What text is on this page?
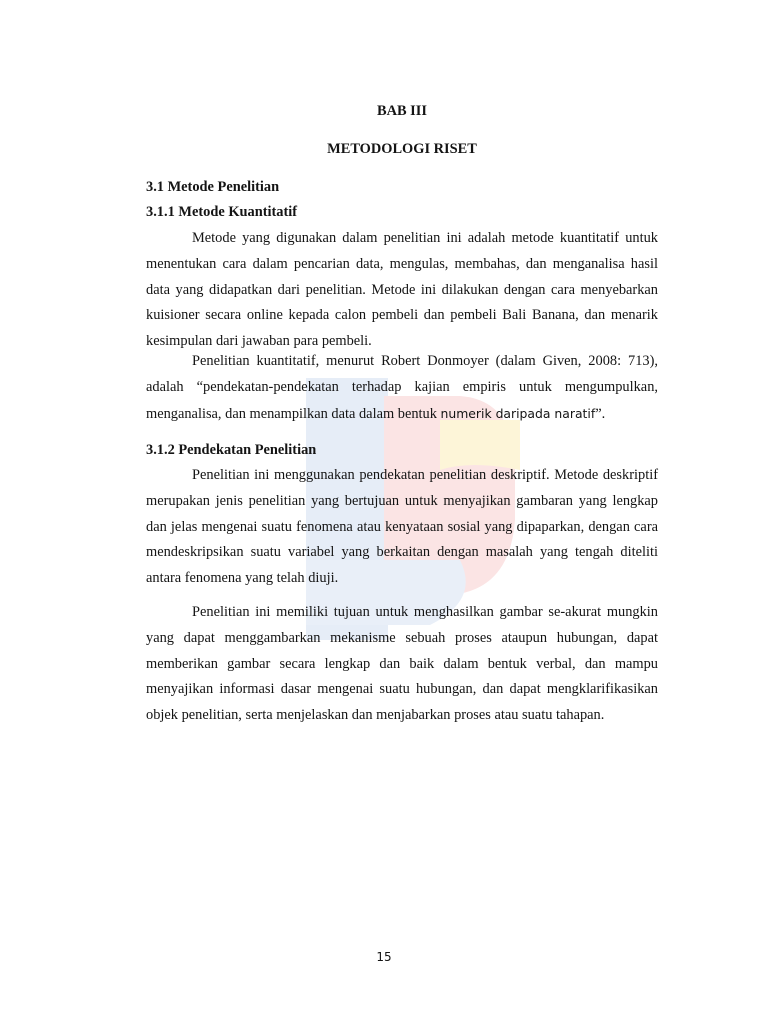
BAB III
METODOLOGI RISET
3.1 Metode Penelitian
3.1.1 Metode Kuantitatif
Metode yang digunakan dalam penelitian ini adalah metode kuantitatif untuk menentukan cara dalam pencarian data, mengulas, membahas, dan menganalisa hasil data yang didapatkan dari penelitian. Metode ini dilakukan dengan cara menyebarkan kuisioner secara online kepada calon pembeli dan pembeli Bali Banana, dan menarik kesimpulan dari jawaban para pembeli.
Penelitian kuantitatif, menurut Robert Donmoyer (dalam Given, 2008: 713), adalah “pendekatan-pendekatan terhadap kajian empiris untuk mengumpulkan, menganalisa, dan menampilkan data dalam bentuk numerik daripada naratif”.
3.1.2 Pendekatan Penelitian
Penelitian ini menggunakan pendekatan penelitian deskriptif. Metode deskriptif merupakan jenis penelitian yang bertujuan untuk menyajikan gambaran yang lengkap dan jelas mengenai suatu fenomena atau kenyataan sosial yang dipaparkan, dengan cara mendeskripsikan suatu variabel yang berkaitan dengan masalah yang tengah diteliti antara fenomena yang telah diuji.
Penelitian ini memiliki tujuan untuk menghasilkan gambar se-akurat mungkin yang dapat menggambarkan mekanisme sebuah proses ataupun hubungan, dapat memberikan gambar secara lengkap dan baik dalam bentuk verbal, dan mampu menyajikan informasi dasar mengenai suatu hubungan, dan dapat mengklarifikasikan objek penelitian, serta menjelaskan dan menjabarkan proses atau suatu tahapan.
15
